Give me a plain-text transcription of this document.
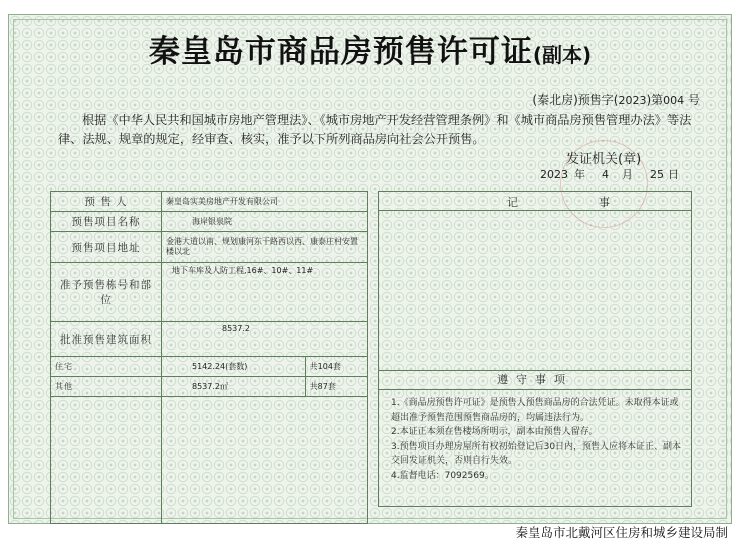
秦皇岛市商品房预售许可证(副本)
(秦北房)预售字(2023)第004 号
根据《中华人民共和国城市房地产管理法》、《城市房地产开发经营管理条例》和《城市商品房预售管理办法》等法律、法规、规章的规定，经审查、核实，准予以下所列商品房向社会公开预售。
发证机关(章)
2023 年 4 月 25 日
预 售 人	秦皇岛实美房地产开发有限公司	
预售项目名称	海岸银泉院	
预售项目地址	金港大道以南、规划康河东干路西以西、康泰庄村安置楼以北	
准予预售栋号和部位	地下车库及人防工程,16#、10#、11#	
批准预售建筑面积	8537.2	
住宅	5142.24(套数)	共104套
其他	8537.2㎡	共87套

记	事
遵守事项
1.《商品房预售许可证》是预售人预售商品房的合法凭证。未取得本证或超出准予预售范围预售商品房的，均属违法行为。
2.本证正本须在售楼场所明示，副本由预售人留存。
3.预售项目办理房屋所有权初始登记后30日内，预售人应将本证正、副本交回发证机关，否则自行失效。
4.监督电话：7092569。
秦皇岛市北戴河区住房和城乡建设局制
